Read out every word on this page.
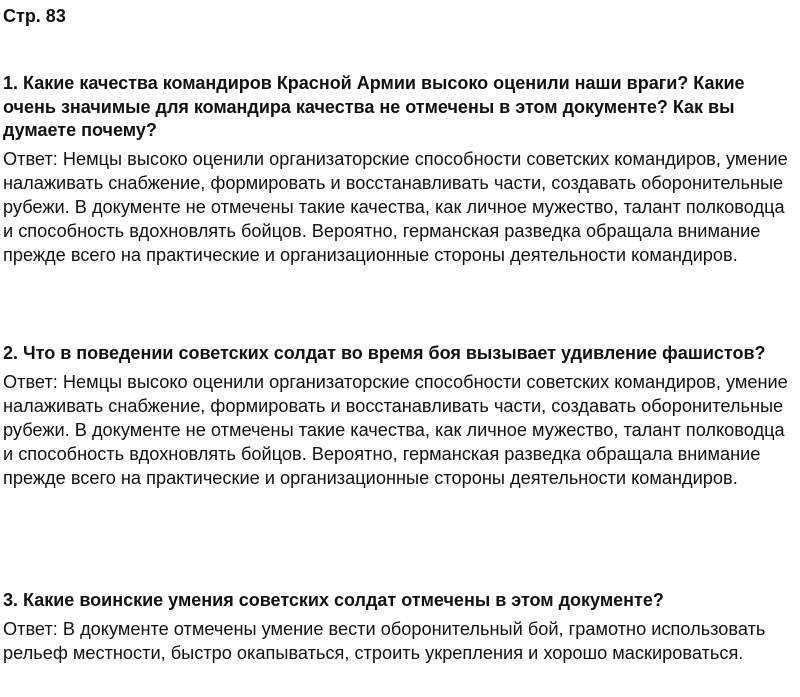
Стр. 83

1. Какие качества командиров Красной Армии высоко оценили наши враги? Какие очень значимые для командира качества не отмечены в этом документе? Как вы думаете почему?

Ответ: Немцы высоко оценили организаторские способности советских командиров, умение налаживать снабжение, формировать и восстанавливать части, создавать оборонительные рубежи. В документе не отмечены такие качества, как личное мужество, талант полководца и способность вдохновлять бойцов. Вероятно, германская разведка обращала внимание прежде всего на практические и организационные стороны деятельности командиров.

2. Что в поведении советских солдат во время боя вызывает удивление фашистов?

Ответ: Немцы высоко оценили организаторские способности советских командиров, умение налаживать снабжение, формировать и восстанавливать части, создавать оборонительные рубежи. В документе не отмечены такие качества, как личное мужество, талант полководца и способность вдохновлять бойцов. Вероятно, германская разведка обращала внимание прежде всего на практические и организационные стороны деятельности командиров.

3. Какие воинские умения советских солдат отмечены в этом документе?

Ответ: В документе отмечены умение вести оборонительный бой, грамотно использовать рельеф местности, быстро окапываться, строить укрепления и хорошо маскироваться.
